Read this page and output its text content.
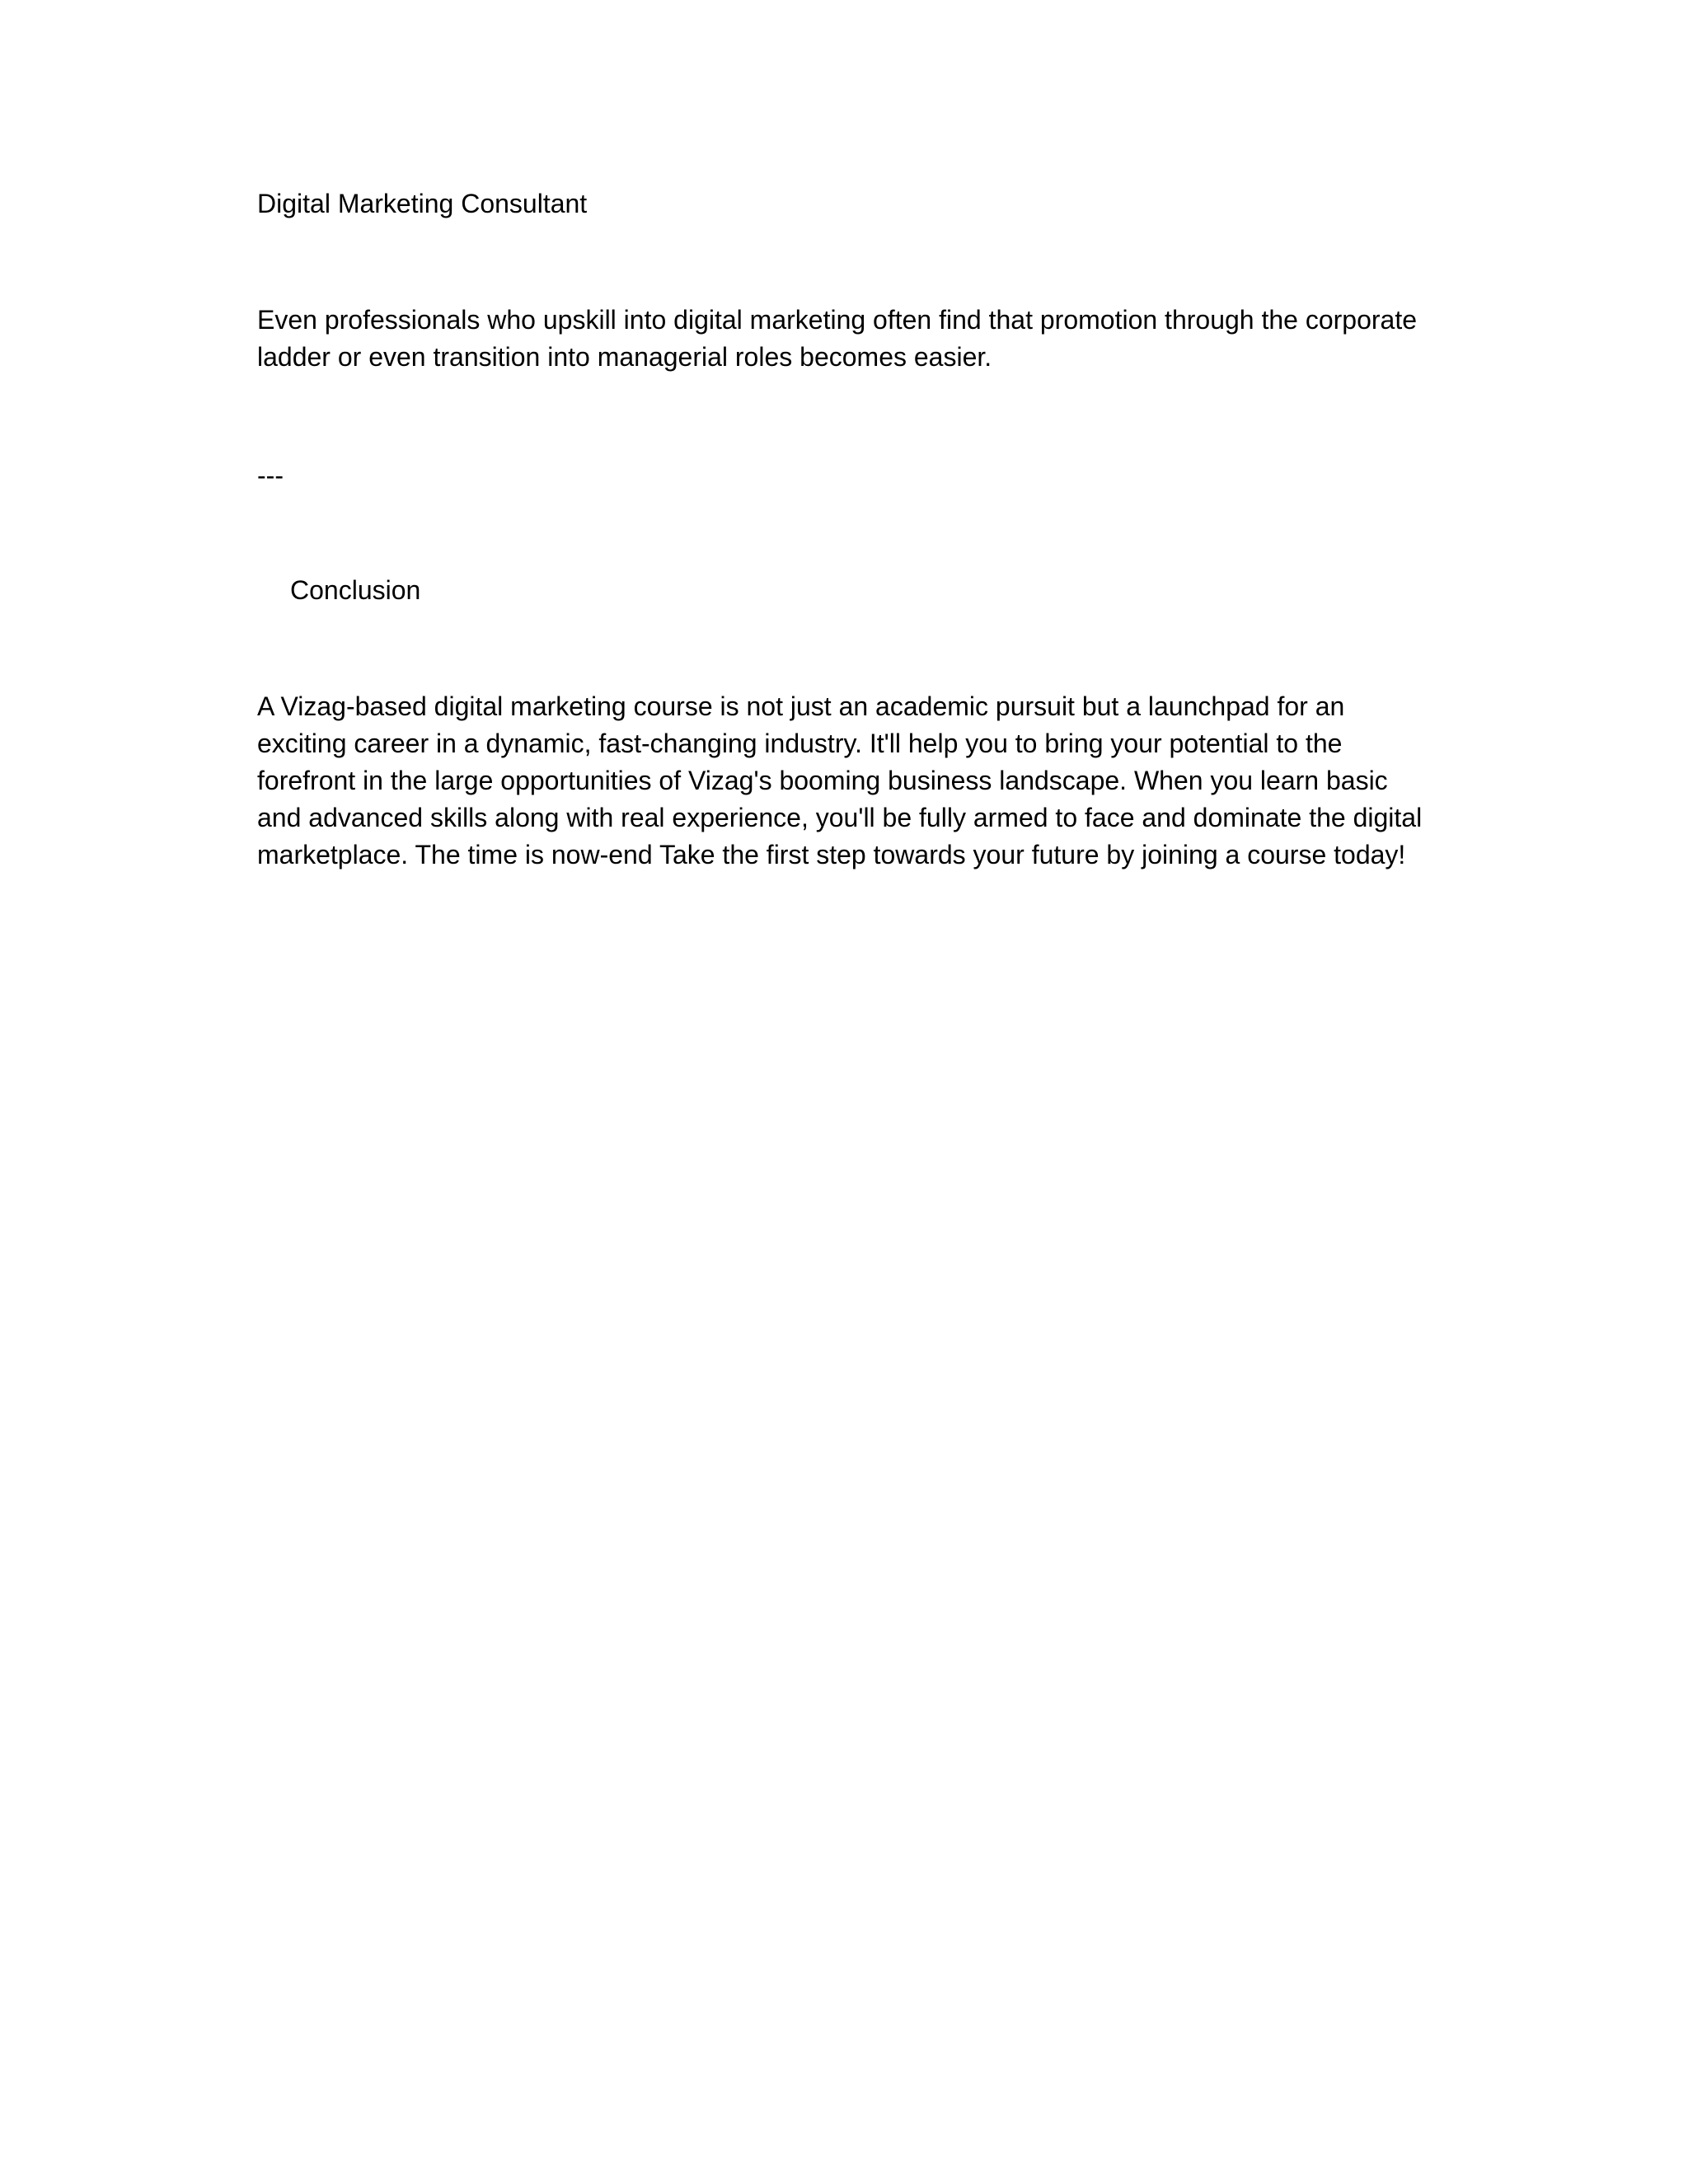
Digital Marketing Consultant

Even professionals who upskill into digital marketing often find that promotion through the corporate ladder or even transition into managerial roles becomes easier.

---

Conclusion

A Vizag-based digital marketing course is not just an academic pursuit but a launchpad for an exciting career in a dynamic, fast-changing industry. It'll help you to bring your potential to the forefront in the large opportunities of Vizag's booming business landscape. When you learn basic and advanced skills along with real experience, you'll be fully armed to face and dominate the digital marketplace. The time is now-end Take the first step towards your future by joining a course today!
